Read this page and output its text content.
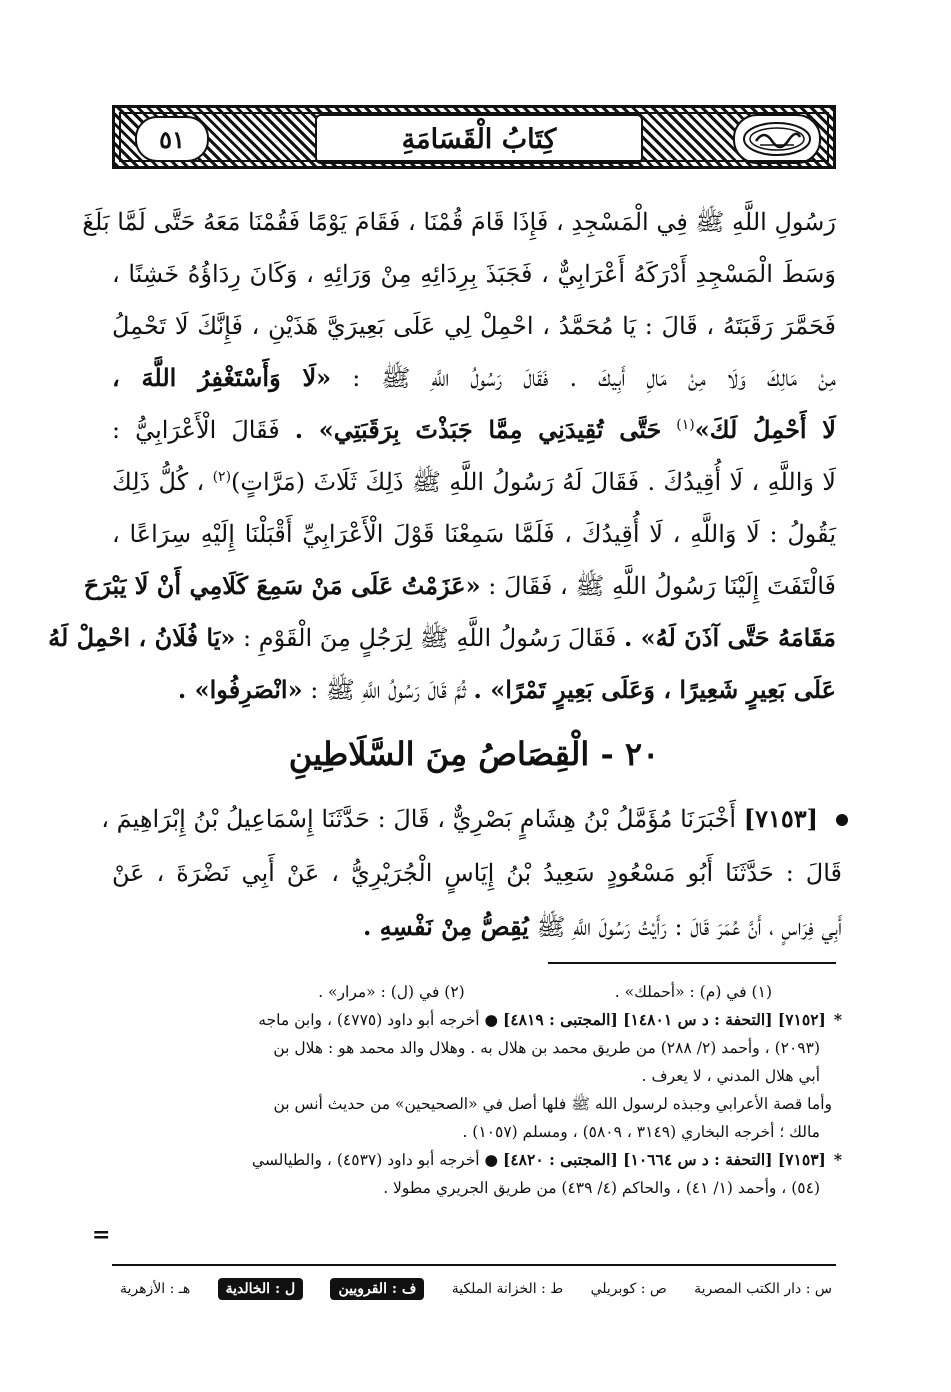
كِتَابُ الْقَسَامَةِ
٥١
رَسُولِ اللَّهِ ﷺ فِي الْمَسْجِدِ ، فَإِذَا قَامَ قُمْنَا ، فَقَامَ يَوْمًا فَقُمْنَا مَعَهُ حَتَّى لَمَّا بَلَغَ
وَسَطَ الْمَسْجِدِ أَدْرَكَهُ أَعْرَابِيٌّ ، فَجَبَذَ بِرِدَائِهِ مِنْ وَرَائِهِ ، وَكَانَ رِدَاؤُهُ خَشِنًا ،
فَحَمَّرَ رَقَبَتَهُ ، قَالَ : يَا مُحَمَّدُ ، احْمِلْ لِي عَلَى بَعِيرَيَّ هَذَيْنِ ، فَإِنَّكَ لَا تَحْمِلُ
مِنْ مَالِكَ وَلَا مِنْ مَالِ أَبِيكَ . فَقَالَ رَسُولُ اللَّهِ ﷺ : «لَا وَأَسْتَغْفِرُ اللَّهَ ،
لَا أَحْمِلُ لَكَ»$^{(١)}$ حَتَّى تُقِيدَنِي مِمَّا جَبَذْتَ بِرَقَبَتِي» . فَقَالَ الْأَعْرَابِيُّ :
لَا وَاللَّهِ ، لَا أُقِيدُكَ . فَقَالَ لَهُ رَسُولُ اللَّهِ ﷺ ذَلِكَ ثَلَاثَ (مَرَّاتٍ)$^{(٢)}$ ، كُلُّ ذَلِكَ
يَقُولُ : لَا وَاللَّهِ ، لَا أُقِيدُكَ ، فَلَمَّا سَمِعْنَا قَوْلَ الْأَعْرَابِيِّ أَقْبَلْنَا إِلَيْهِ سِرَاعًا ،
فَالْتَفَتَ إِلَيْنَا رَسُولُ اللَّهِ ﷺ ، فَقَالَ : «عَزَمْتُ عَلَى مَنْ سَمِعَ كَلَامِي أَنْ لَا يَبْرَحَ
مَقَامَهُ حَتَّى آذَنَ لَهُ» . فَقَالَ رَسُولُ اللَّهِ ﷺ لِرَجُلٍ مِنَ الْقَوْمِ : «يَا فُلَانُ ، احْمِلْ لَهُ
عَلَى بَعِيرٍ شَعِيرًا ، وَعَلَى بَعِيرٍ تَمْرًا» . ثُمَّ قَالَ رَسُولُ اللَّهِ ﷺ : «انْصَرِفُوا» .
٢٠ - الْقِصَاصُ مِنَ السَّلَاطِينِ
[٧١٥٣] أَخْبَرَنَا مُؤَمَّلُ بْنُ هِشَامٍ بَصْرِيٌّ ، قَالَ : حَدَّثَنَا إِسْمَاعِيلُ بْنُ إِبْرَاهِيمَ ،
قَالَ : حَدَّثَنَا أَبُو مَسْعُودٍ سَعِيدُ بْنُ إِيَاسٍ الْجُرَيْرِيُّ ، عَنْ أَبِي نَضْرَةَ ، عَنْ
أَبِي فِرَاسٍ ، أَنَّ عُمَرَ قَالَ : رَأَيْتُ رَسُولَ اللَّهِ ﷺ يُقِصُّ مِنْ نَفْسِهِ .
(١) في (م) : «أحملك» .
(٢) في (ل) : «مرار» .
*[٧١٥٢] [التحفة : د س ١٤٨٠١] [المجتبى : ٤٨١٩] ● أخرجه أبو داود (٤٧٧٥) ، وابن ماجه
(٢٠٩٣) ، وأحمد (٢/ ٢٨٨) من طريق محمد بن هلال به . وهلال والد محمد هو : هلال بن
أبي هلال المدني ، لا يعرف .
وأما قصة الأعرابي وجبذه لرسول الله ﷺ فلها أصل في «الصحيحين» من حديث أنس بن
مالك ؛ أخرجه البخاري (٣١٤٩ ، ٥٨٠٩) ، ومسلم (١٠٥٧) .
*[٧١٥٣] [التحفة : د س ١٠٦٦٤] [المجتبى : ٤٨٢٠] ● أخرجه أبو داود (٤٥٣٧) ، والطيالسي
(٥٤) ، وأحمد (١/ ٤١) ، والحاكم (٤/ ٤٣٩) من طريق الجريري مطولا .
=
س : دار الكتب المصرية
ص : كوبريلي
ط : الخزانة الملكية
ف : القرويين
ل : الخالدية
هـ : الأزهرية
